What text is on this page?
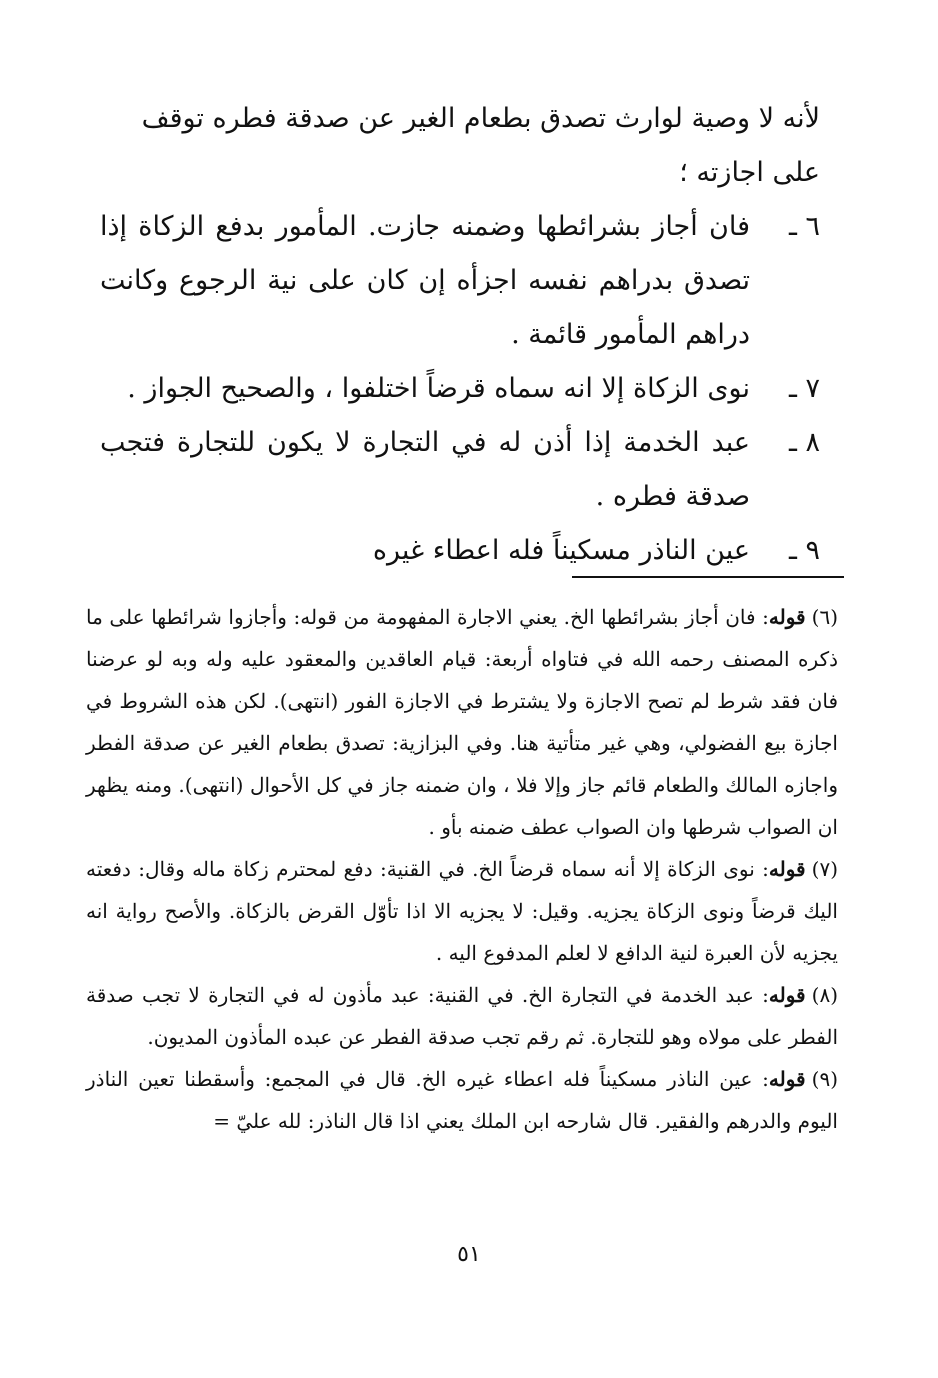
لأنه لا وصية لوارث تصدق بطعام الغير عن صدقة فطره توقف

على اجازته ؛

٦ ـ
فان أجاز بشرائطها وضمنه جازت. المأمور بدفع الزكاة إذا تصدق بدراهم نفسه اجزأه إن كان على نية الرجوع وكانت دراهم المأمور قائمة .
٧ ـ
نوى الزكاة إلا انه سماه قرضاً اختلفوا ، والصحيح الجواز .
٨ ـ
عبد الخدمة إذا أذن له في التجارة لا يكون للتجارة فتجب صدقة فطره .
٩ ـ
عين الناذر مسكيناً فله اعطاء غيره

(٦)قوله: فان أجاز بشرائطها الخ. يعني الاجارة المفهومة من قوله: وأجازوا شرائطها على ما ذكره المصنف رحمه الله في فتاواه أربعة: قيام العاقدين والمعقود عليه وله وبه لو عرضنا فان فقد شرط لم تصح الاجازة ولا يشترط في الاجازة الفور (انتهى). لكن هذه الشروط في اجازة بيع الفضولي، وهي غير متأتية هنا. وفي البزازية: تصدق بطعام الغير عن صدقة الفطر واجازه المالك والطعام قائم جاز وإلا فلا ، وان ضمنه جاز في كل الأحوال (انتهى). ومنه يظهر ان الصواب شرطها وان الصواب عطف ضمنه بأو .

(٧)قوله: نوى الزكاة إلا أنه سماه قرضاً الخ. في القنية: دفع لمحترم زكاة ماله وقال: دفعته اليك قرضاً ونوى الزكاة يجزيه. وقيل: لا يجزيه الا اذا تأوّل القرض بالزكاة. والأصح رواية انه يجزيه لأن العبرة لنية الدافع لا لعلم المدفوع اليه .

(٨)قوله: عبد الخدمة في التجارة الخ. في القنية: عبد مأذون له في التجارة لا تجب صدقة الفطر على مولاه وهو للتجارة. ثم رقم تجب صدقة الفطر عن عبده المأذون المديون.

(٩)قوله: عين الناذر مسكيناً فله اعطاء غيره الخ. قال في المجمع: وأسقطنا تعين الناذر اليوم والدرهم والفقير. قال شارحه ابن الملك يعني اذا قال الناذر: لله عليّ =

٥١
